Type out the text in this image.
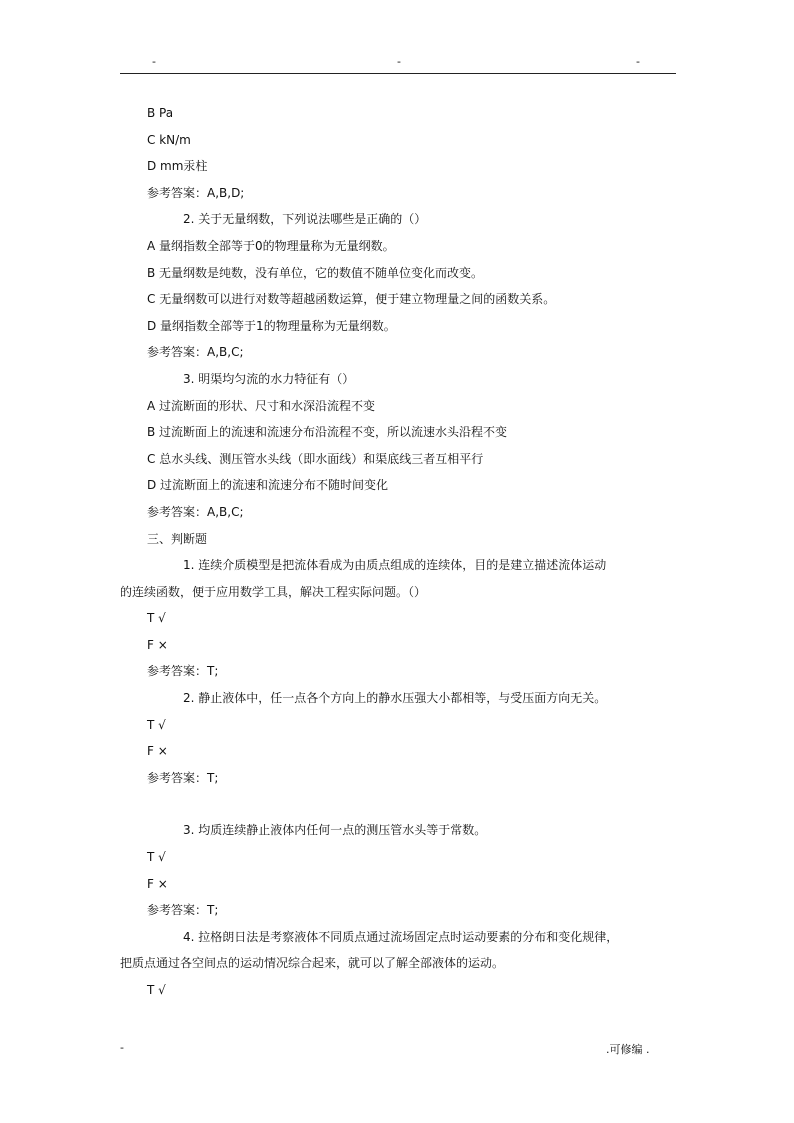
-	-	-
B Pa
C kN/m
D mm汞柱
参考答案：A,B,D;
2. 关于无量纲数，下列说法哪些是正确的（）
A 量纲指数全部等于0的物理量称为无量纲数。
B 无量纲数是纯数，没有单位，它的数值不随单位变化而改变。
C 无量纲数可以进行对数等超越函数运算，便于建立物理量之间的函数关系。
D 量纲指数全部等于1的物理量称为无量纲数。
参考答案：A,B,C;
3. 明渠均匀流的水力特征有（）
A 过流断面的形状、尺寸和水深沿流程不变
B 过流断面上的流速和流速分布沿流程不变，所以流速水头沿程不变
C 总水头线、测压管水头线（即水面线）和渠底线三者互相平行
D 过流断面上的流速和流速分布不随时间变化
参考答案：A,B,C;
三、判断题
1. 连续介质模型是把流体看成为由质点组成的连续体，目的是建立描述流体运动
的连续函数，便于应用数学工具，解决工程实际问题。（）
T √
F ×
参考答案：T;
2. 静止液体中，任一点各个方向上的静水压强大小都相等，与受压面方向无关。
T √
F ×
参考答案：T;
3. 均质连续静止液体内任何一点的测压管水头等于常数。
T √
F ×
参考答案：T;
4. 拉格朗日法是考察液体不同质点通过流场固定点时运动要素的分布和变化规律，
把质点通过各空间点的运动情况综合起来，就可以了解全部液体的运动。
T √
-	.可修编 .
